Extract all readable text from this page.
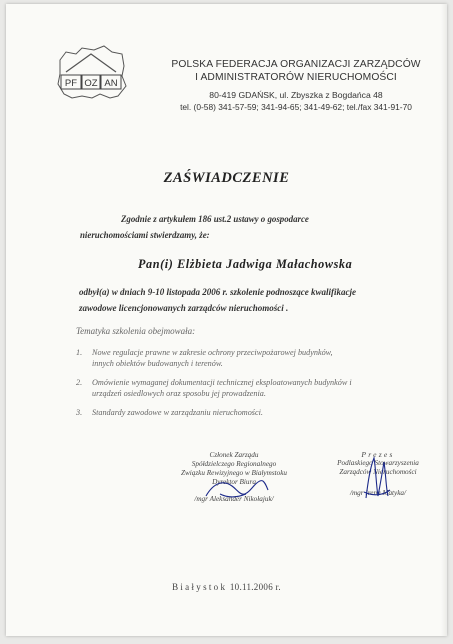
PF OZ AN
POLSKA FEDERACJA ORGANIZACJI ZARZĄDCÓW
I ADMINISTRATORÓW NIERUCHOMOŚCI
80-419 GDAŃSK, ul. Zbyszka z Bogdańca 48
tel. (0-58) 341-57-59; 341-94-65; 341-49-62; tel./fax 341-91-70
ZAŚWIADCZENIE
Zgodnie z artykułem 186 ust.2 ustawy o gospodarce
nieruchomościami stwierdzamy, że:
Pan(i) Elżbieta Jadwiga Małachowska
odbył(a) w dniach 9-10 listopada 2006 r. szkolenie podnoszące kwalifikacje
zawodowe licencjonowanych zarządców nieruchomości .
Tematyka szkolenia obejmowała:
1. Nowe regulacje prawne w zakresie ochrony przeciwpożarowej budynków,
innych obiektów budowanych i terenów.
2. Omówienie wymaganej dokumentacji technicznej eksploatowanych budynków i
urządzeń osiedlowych oraz sposobu jej prowadzenia.
3. Standardy zawodowe w zarządzaniu nieruchomości.
Członek Zarządu
Spółdzielczego Regionalnego
Związku Rewizyjnego w Białymstoku
Dyrektor Biura
/mgr Aleksander Nikołajuk/
Prezes
Podlaskiego Stowarzyszenia
Zarządców Nieruchomości
/mgr Irena Matyka/
Białystok 10.11.2006 r.
